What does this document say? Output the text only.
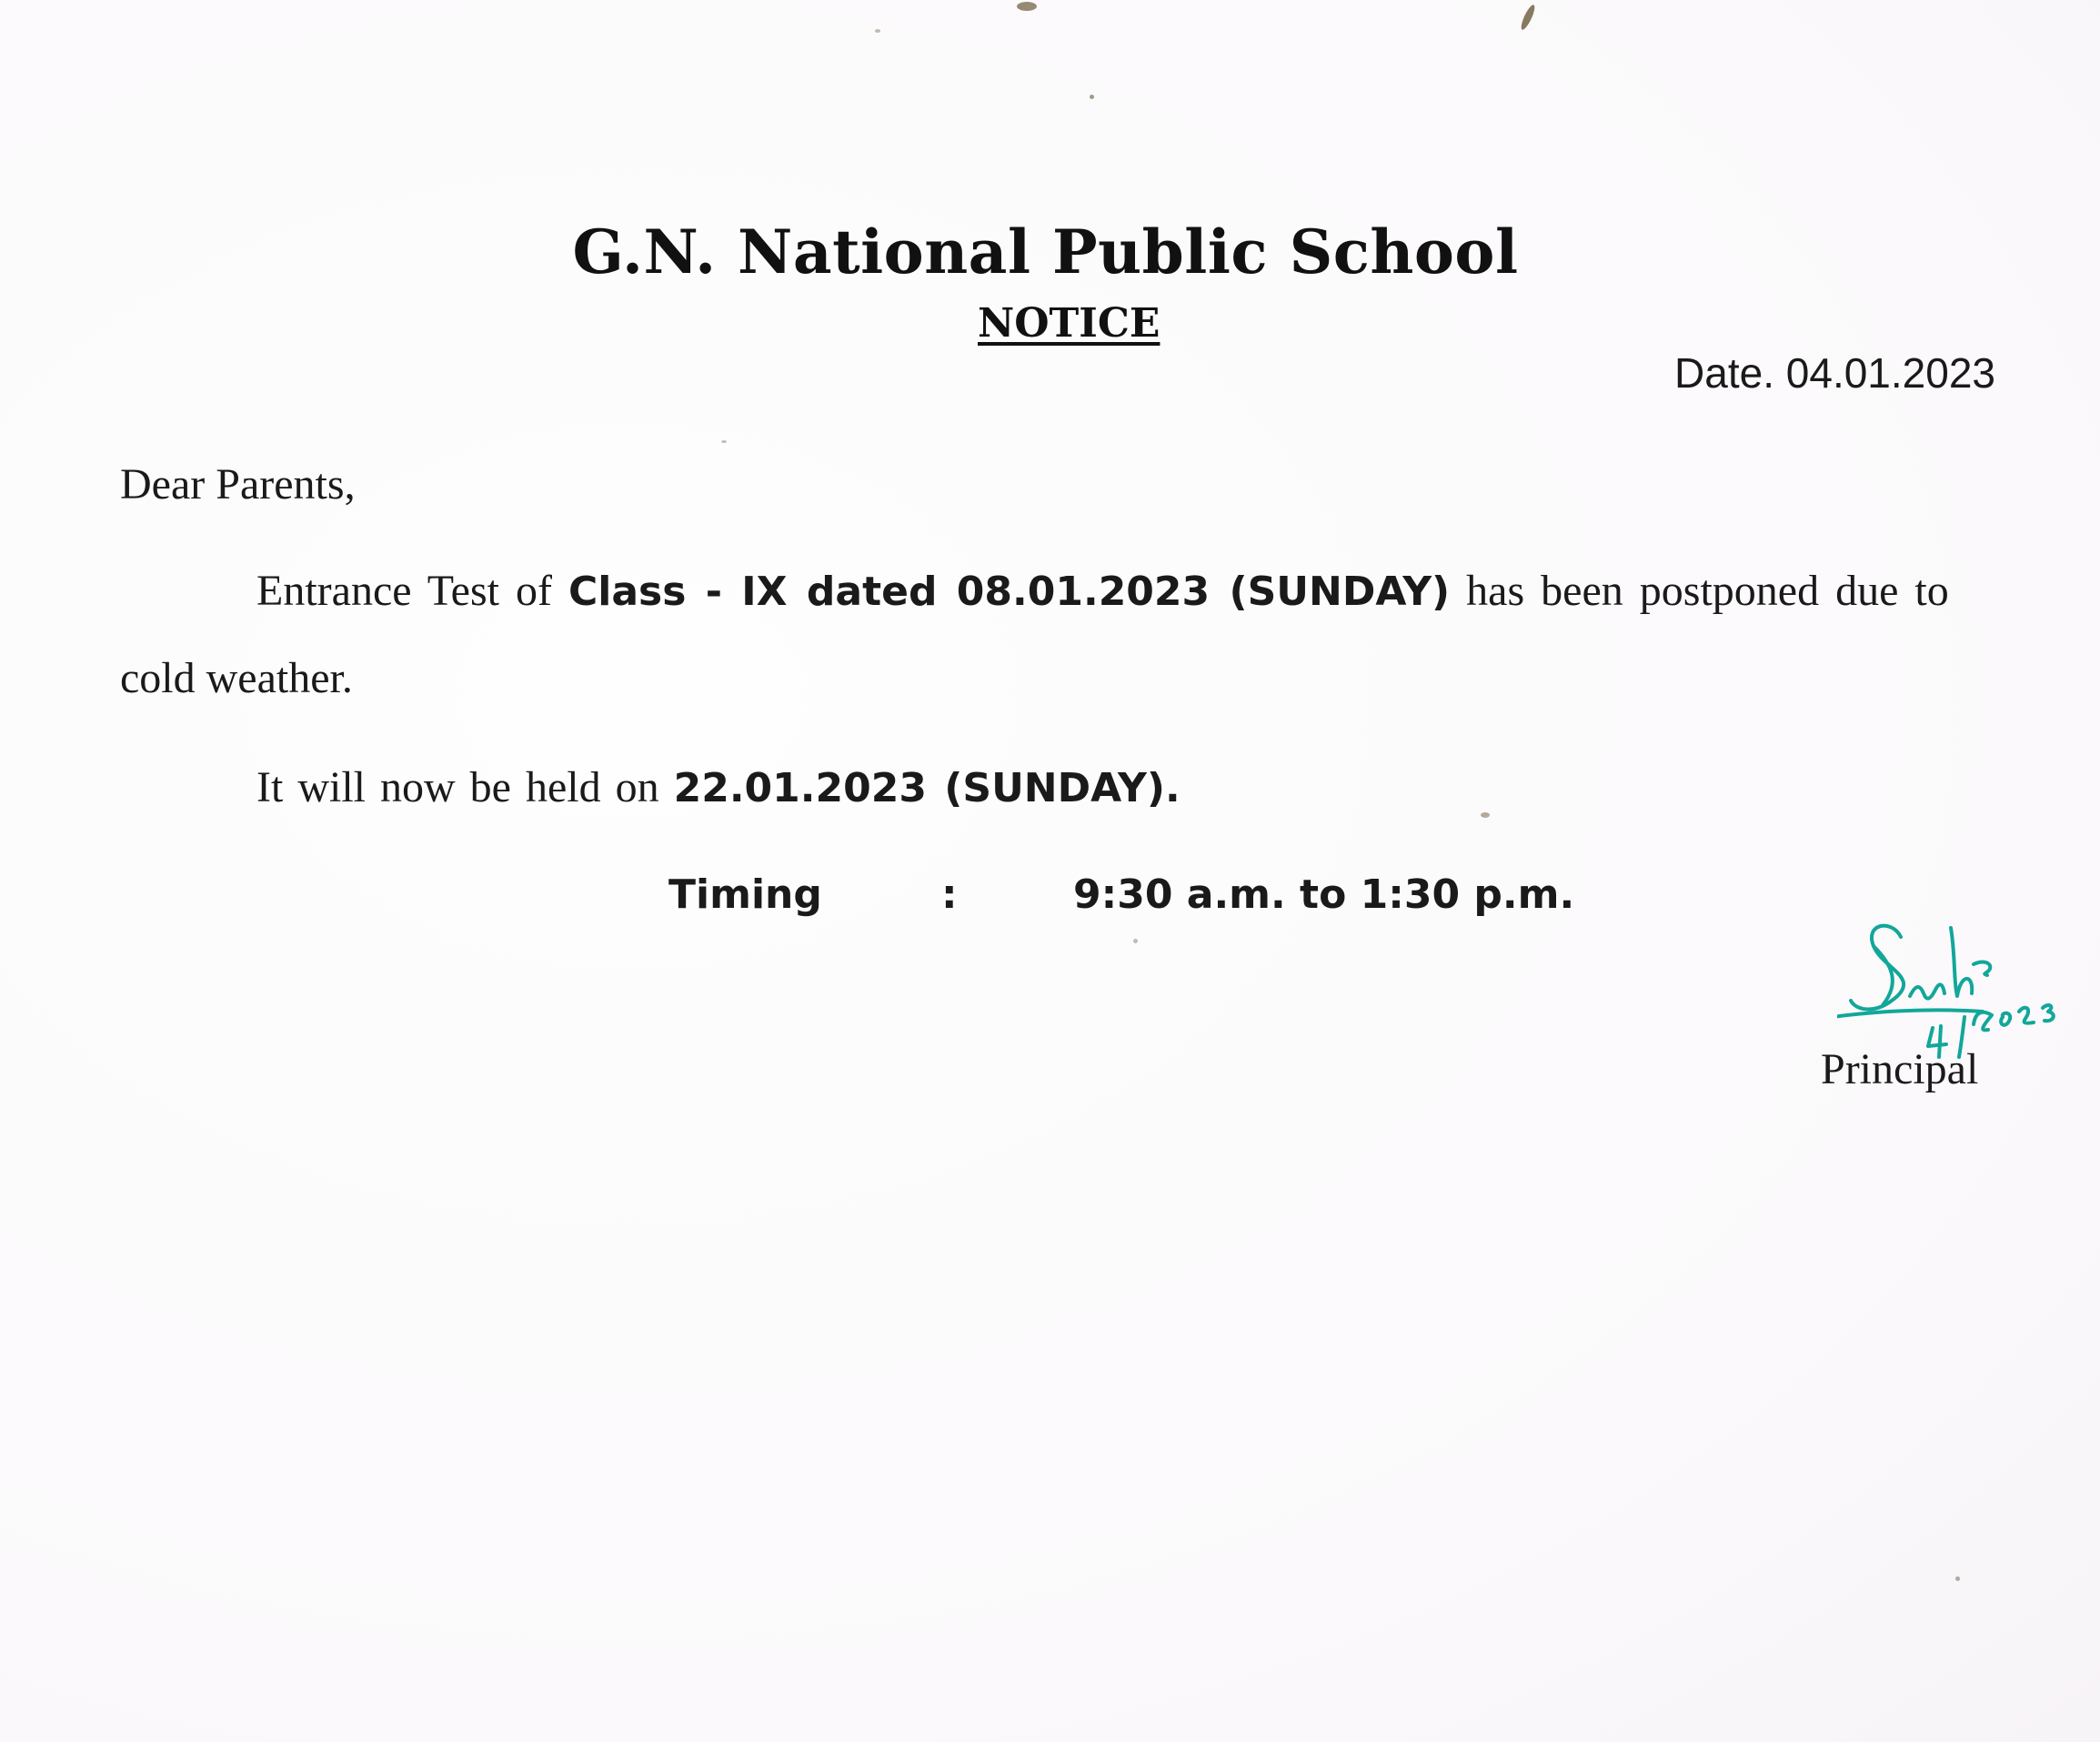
G.N. National Public School
NOTICE
Date. 04.01.2023
Dear Parents,
Entrance Test of Class - IX dated 08.01.2023 (SUNDAY) has been postponed due to
cold weather.
It will now be held on 22.01.2023 (SUNDAY).
Timing	:	9:30 a.m. to 1:30 p.m.
Principal
